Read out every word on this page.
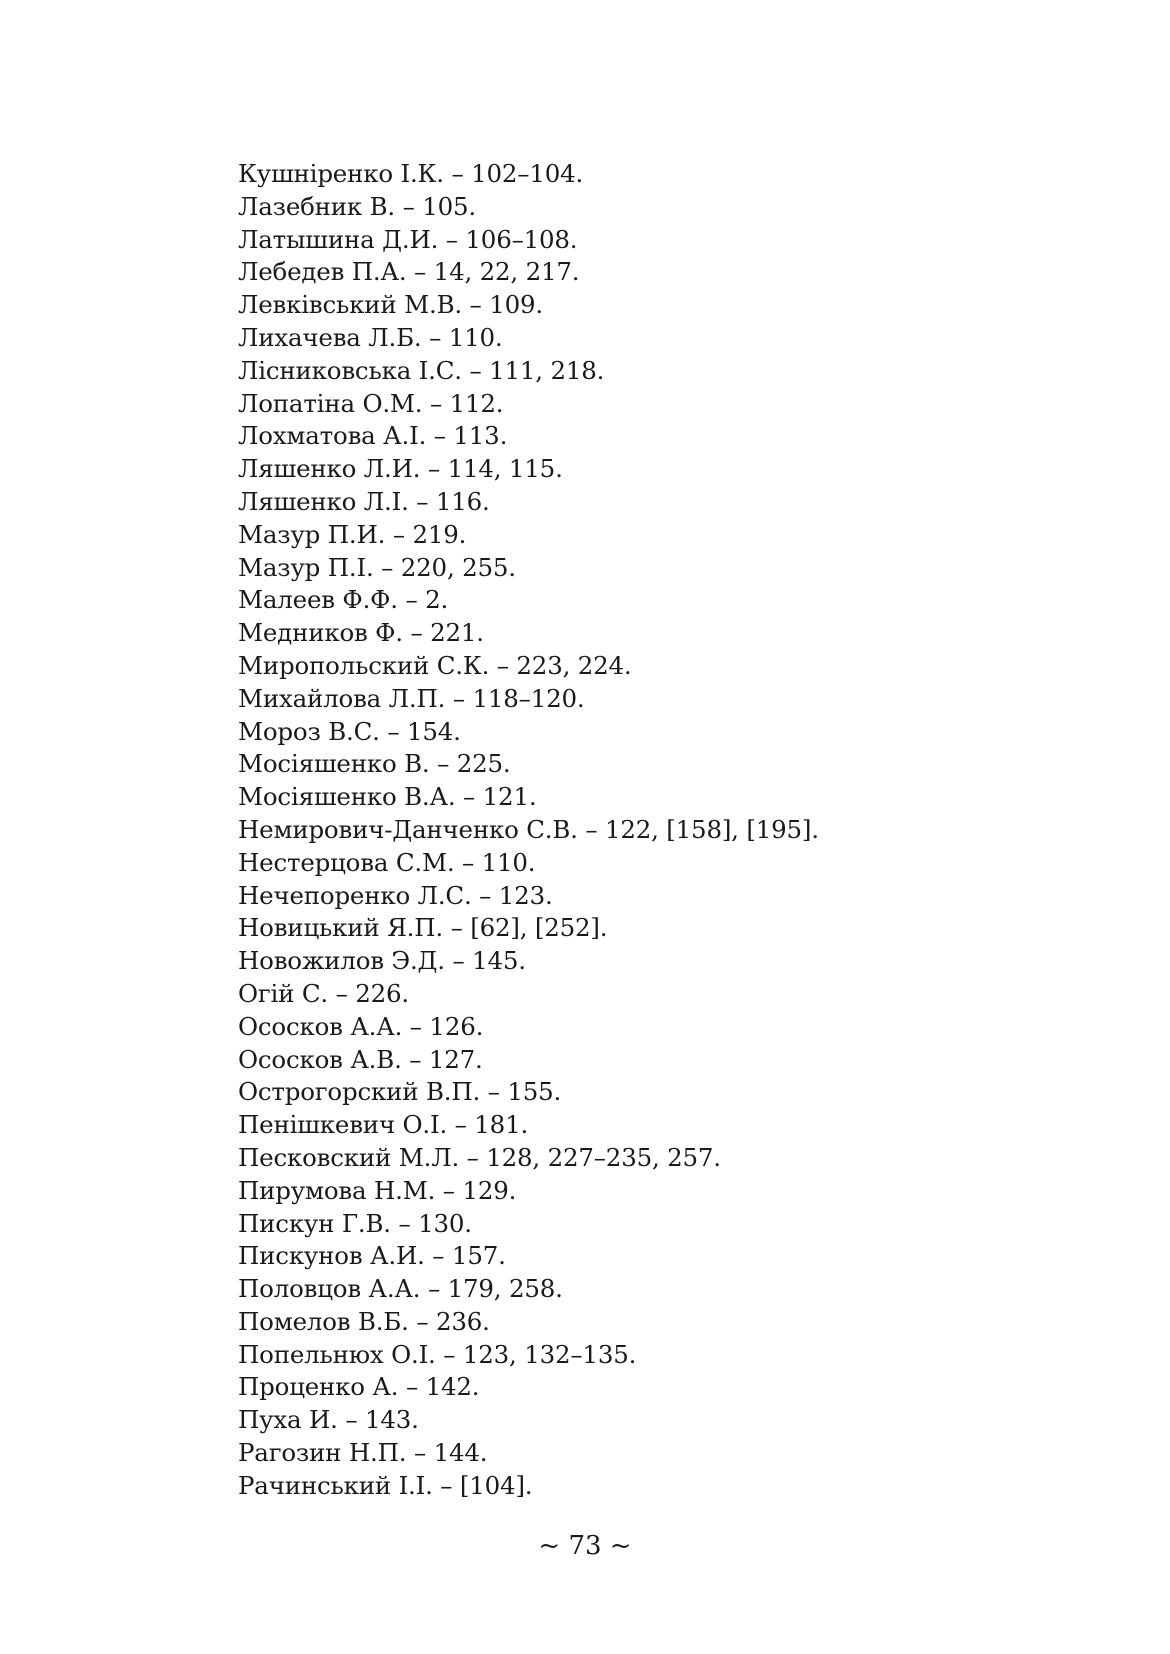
Кушніренко І.К. – 102–104.
Лазебник В. – 105.
Латышина Д.И. – 106–108.
Лебедев П.А. – 14, 22, 217.
Левківський М.В. – 109.
Лихачева Л.Б. – 110.
Лісниковська І.С. – 111, 218.
Лопатіна О.М. – 112.
Лохматова А.І. – 113.
Ляшенко Л.И. – 114, 115.
Ляшенко Л.І. – 116.
Мазур П.И. – 219.
Мазур П.І. – 220, 255.
Малеев Ф.Ф. – 2.
Медников Ф. – 221.
Миропольский С.К. – 223, 224.
Михайлова Л.П. – 118–120.
Мороз В.С. – 154.
Мосіяшенко В. – 225.
Мосіяшенко В.А. – 121.
Немирович-Данченко С.В. – 122, [158], [195].
Нестерцова С.М. – 110.
Нечепоренко Л.С. – 123.
Новицький Я.П. – [62], [252].
Новожилов Э.Д. – 145.
Огій С. – 226.
Ососков А.А. – 126.
Ососков А.В. – 127.
Острогорский В.П. – 155.
Пенішкевич О.І. – 181.
Песковский М.Л. – 128, 227–235, 257.
Пирумова Н.М. – 129.
Пискун Г.В. – 130.
Пискунов А.И. – 157.
Половцов А.А. – 179, 258.
Помелов В.Б. – 236.
Попельнюх О.І. – 123, 132–135.
Проценко А. – 142.
Пуха И. – 143.
Рагозин Н.П. – 144.
Рачинський І.І. – [104].
~ 73 ~
